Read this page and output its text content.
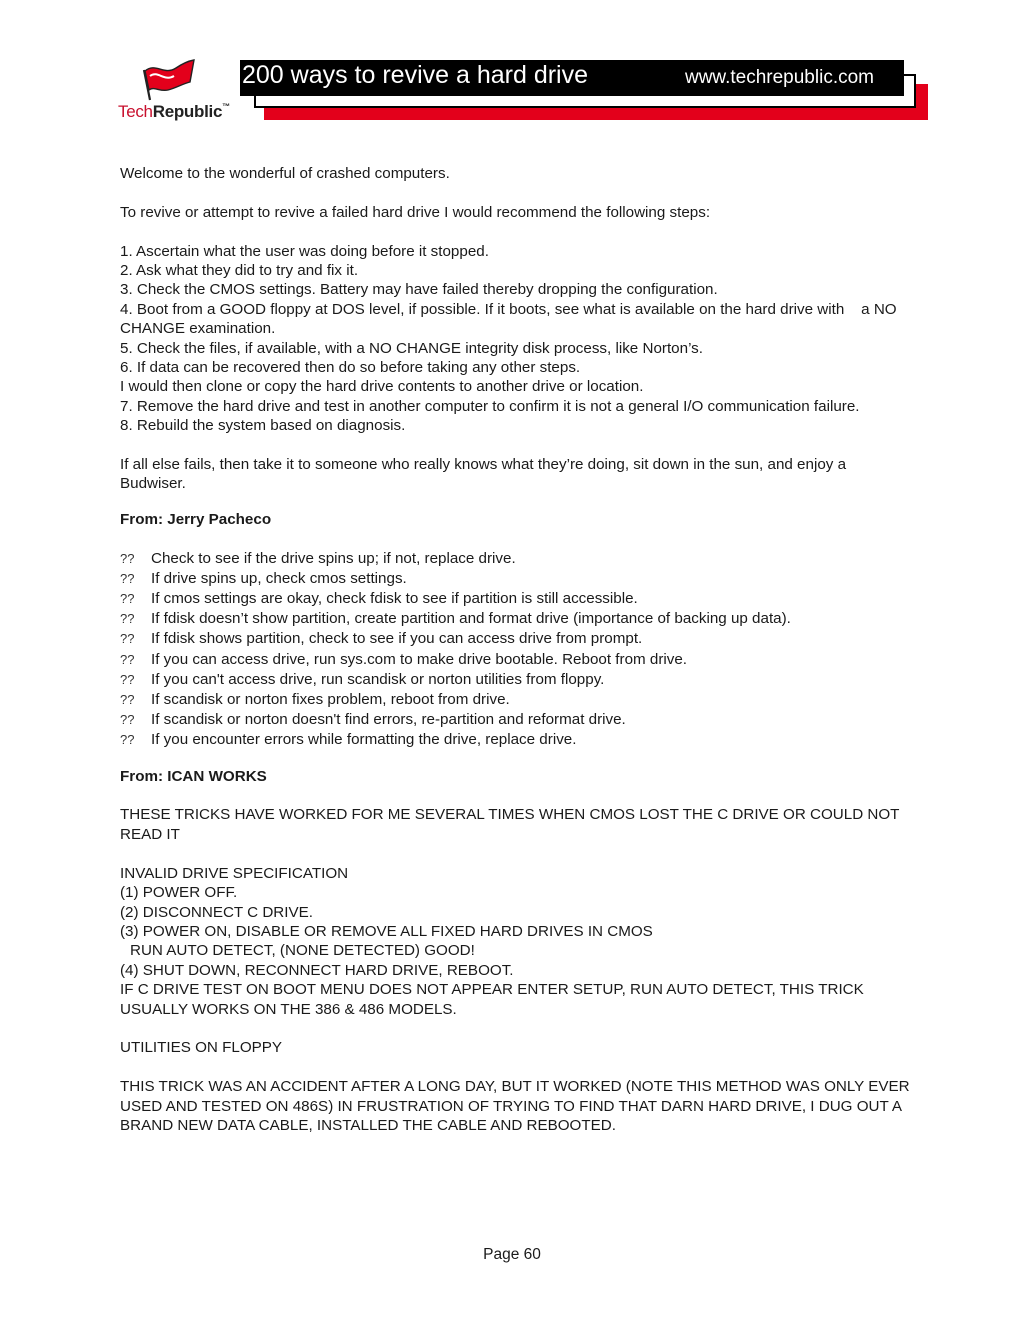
TechRepublic™
200 ways to revive a hard drive	www.techrepublic.com

Welcome to the wonderful of crashed computers.

To revive or attempt to revive a failed hard drive I would recommend the following steps:

1. Ascertain what the user was doing before it stopped.

2. Ask what they did to try and fix it.

3. Check the CMOS settings. Battery may have failed thereby dropping the configuration.

4. Boot from a GOOD floppy at DOS level, if possible. If it boots, see what is available on the hard drive with    a NO CHANGE examination.

5. Check the files, if available, with a NO CHANGE integrity disk process, like Norton’s.

6. If data can be recovered then do so before taking any other steps.

I would then clone or copy the hard drive contents to another drive or location.

7. Remove the hard drive and test in another computer to confirm it is not a general I/O communication failure.

8. Rebuild the system based on diagnosis.

If all else fails, then take it to someone who really knows what they’re doing, sit down in the sun, and enjoy a Budwiser.

From: Jerry Pacheco

??	Check to see if the drive spins up; if not, replace drive.
??	If drive spins up, check cmos settings.
??	If cmos settings are okay, check fdisk to see if partition is still accessible.
??	If fdisk doesn’t show partition, create partition and format drive (importance of backing up data).
??	If fdisk shows partition, check to see if you can access drive from prompt.
??	If you can access drive, run sys.com to make drive bootable. Reboot from drive.
??	If you can't access drive, run scandisk or norton utilities from floppy.
??	If scandisk or norton fixes problem, reboot from drive.
??	If scandisk or norton doesn't find errors, re-partition and reformat drive.
??	If you encounter errors while formatting the drive, replace drive.

From: ICAN WORKS

THESE TRICKS HAVE WORKED FOR ME SEVERAL TIMES WHEN CMOS LOST THE C DRIVE OR COULD NOT READ IT

INVALID DRIVE SPECIFICATION

(1) POWER OFF.

(2) DISCONNECT C DRIVE.

(3) POWER ON, DISABLE OR REMOVE ALL FIXED HARD DRIVES IN CMOS

RUN AUTO DETECT, (NONE DETECTED) GOOD!

(4) SHUT DOWN, RECONNECT HARD DRIVE, REBOOT.

IF C DRIVE TEST ON BOOT MENU DOES NOT APPEAR ENTER SETUP, RUN AUTO DETECT, THIS TRICK USUALLY WORKS ON THE 386 & 486 MODELS.

UTILITIES ON FLOPPY

THIS TRICK WAS AN ACCIDENT AFTER A LONG DAY, BUT IT WORKED (NOTE THIS METHOD WAS ONLY EVER USED AND TESTED ON 486S) IN FRUSTRATION OF TRYING TO FIND THAT DARN HARD DRIVE, I DUG OUT A BRAND NEW DATA CABLE, INSTALLED THE CABLE AND REBOOTED.

Page 60
